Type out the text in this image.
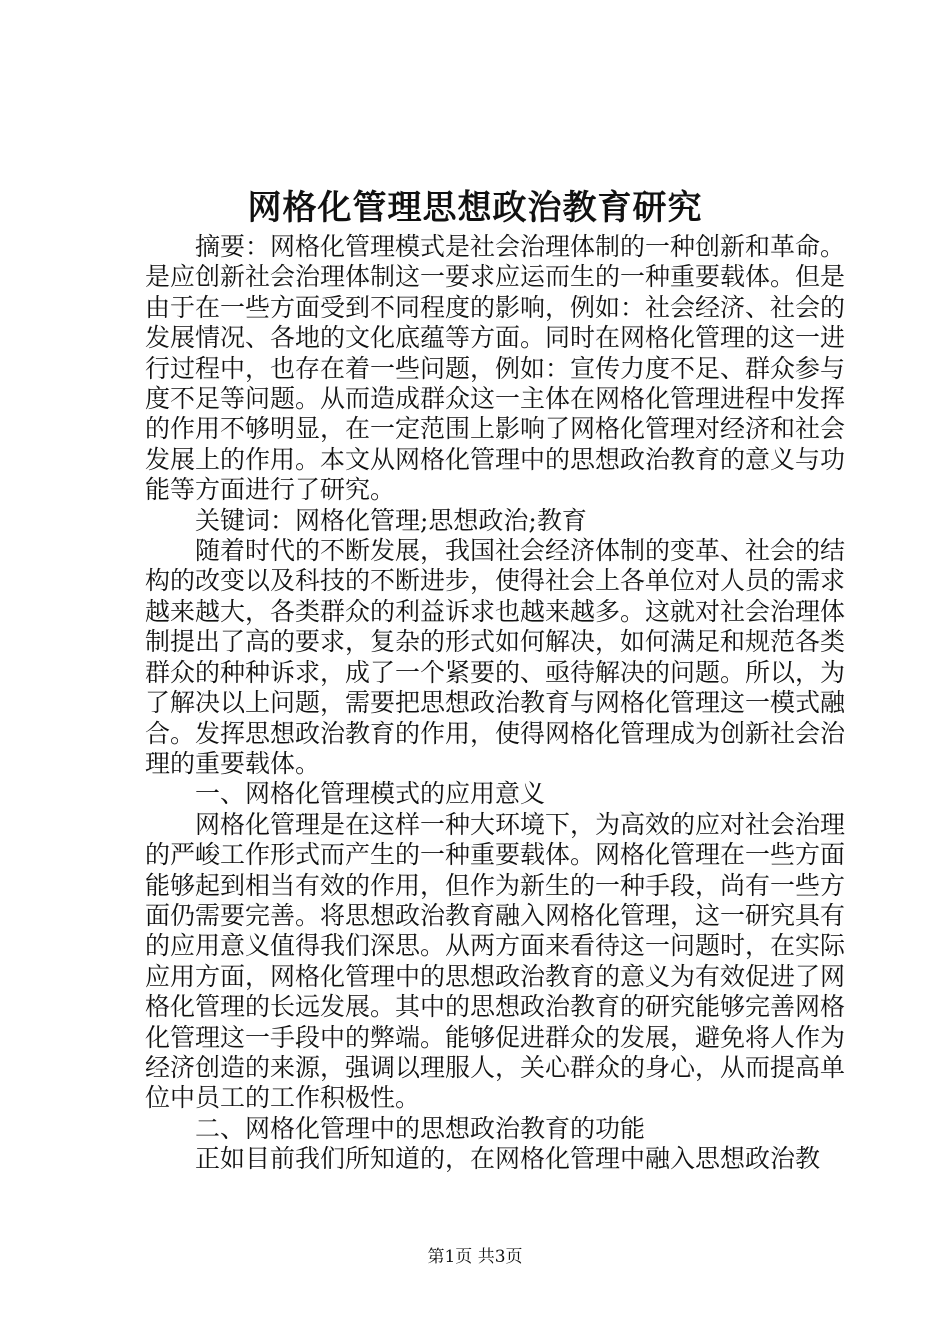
网格化管理思想政治教育研究

摘要：网格化管理模式是社会治理体制的一种创新和革命。是应创新社会治理体制这一要求应运而生的一种重要载体。但是由于在一些方面受到不同程度的影响，例如：社会经济、社会的发展情况、各地的文化底蕴等方面。同时在网格化管理的这一进行过程中，也存在着一些问题，例如：宣传力度不足、群众参与度不足等问题。从而造成群众这一主体在网格化管理进程中发挥的作用不够明显，在一定范围上影响了网格化管理对经济和社会发展上的作用。本文从网格化管理中的思想政治教育的意义与功能等方面进行了研究。

关键词：网格化管理;思想政治;教育

随着时代的不断发展，我国社会经济体制的变革、社会的结构的改变以及科技的不断进步，使得社会上各单位对人员的需求越来越大，各类群众的利益诉求也越来越多。这就对社会治理体制提出了高的要求，复杂的形式如何解决，如何满足和规范各类群众的种种诉求，成了一个紧要的、亟待解决的问题。所以，为了解决以上问题，需要把思想政治教育与网格化管理这一模式融合。发挥思想政治教育的作用，使得网格化管理成为创新社会治理的重要载体。

一、网格化管理模式的应用意义

网格化管理是在这样一种大环境下，为高效的应对社会治理的严峻工作形式而产生的一种重要载体。网格化管理在一些方面能够起到相当有效的作用，但作为新生的一种手段，尚有一些方面仍需要完善。将思想政治教育融入网格化管理，这一研究具有的应用意义值得我们深思。从两方面来看待这一问题时，在实际应用方面，网格化管理中的思想政治教育的意义为有效促进了网格化管理的长远发展。其中的思想政治教育的研究能够完善网格化管理这一手段中的弊端。能够促进群众的发展，避免将人作为经济创造的来源，强调以理服人，关心群众的身心，从而提高单位中员工的工作积极性。

二、网格化管理中的思想政治教育的功能

正如目前我们所知道的，在网格化管理中融入思想政治教

第1页 共3页
